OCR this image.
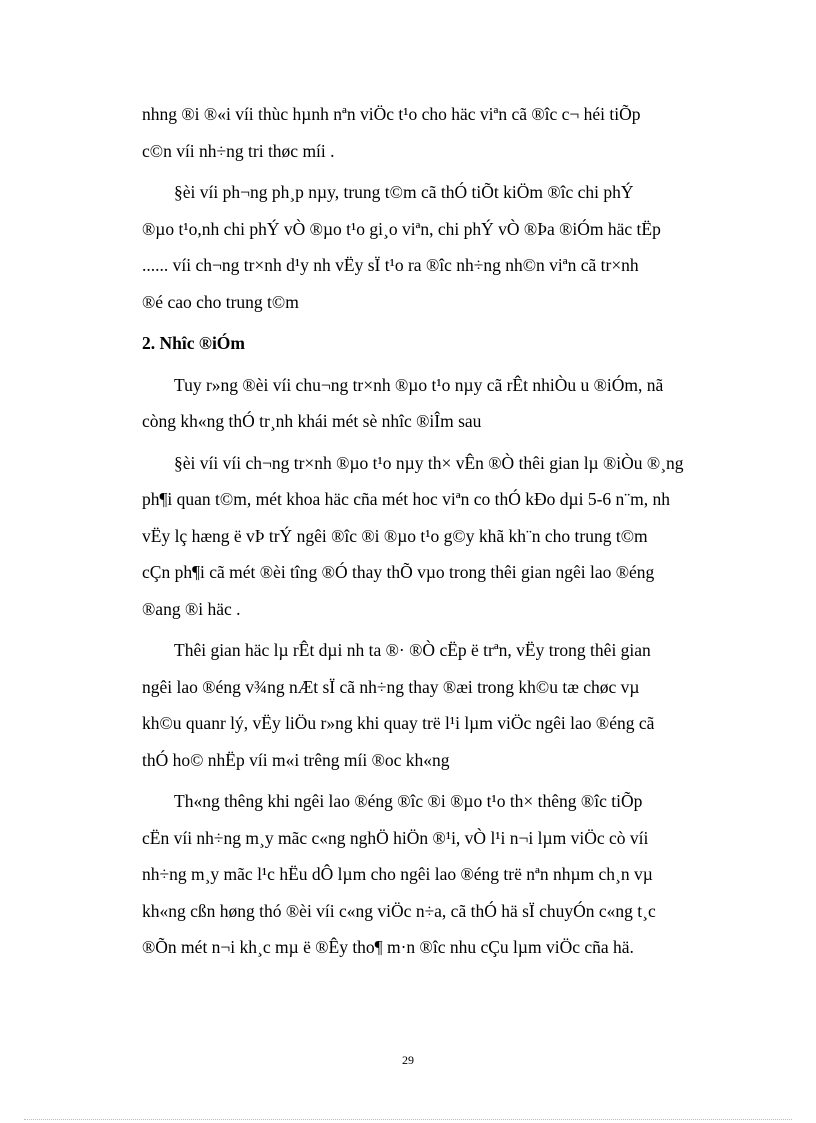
nhng ®i ®«i víi thùc hµnh nªn viÖc t¹o cho häc viªn cã ®îc c¬ héi tiÕp
c©n víi nh÷ng tri thøc míi .

§èi víi ph¬ng ph¸p nµy, trung t©m cã thÓ tiÕt kiÖm ®îc chi phÝ
®µo t¹o,nh chi phÝ vÒ ®µo t¹o gi¸o viªn, chi phÝ vÒ ®Þa ®iÓm häc tËp
...... víi ch¬ng tr×nh d¹y nh vËy sÏ t¹o ra ®îc nh÷ng nh©n viªn cã tr×nh
®é cao cho trung t©m

2. Nhîc ®iÓm

Tuy r»ng ®èi víi chu¬ng tr×nh ®µo t¹o nµy cã rÊt nhiÒu u ®iÓm, nã
còng kh«ng thÓ tr¸nh khái mét sè nhîc ®iÎm sau

§èi víi víi ch¬ng tr×nh ®µo t¹o nµy th× vÊn ®Ò thêi gian lµ ®iÒu ®¸ng
ph¶i quan t©m, mét khoa häc cña mét hoc viªn co thÓ kÐo dµi 5-6 n¨m, nh
vËy lç hæng ë vÞ trÝ ngêi ®îc ®i ®µo t¹o g©y khã kh¨n cho trung t©m
cÇn ph¶i cã mét ®èi tîng ®Ó thay thÕ vµo trong thêi gian ngêi lao ®éng
®ang ®i häc .

Thêi gian häc lµ rÊt dµi nh ta ®· ®Ò cËp ë trªn, vËy trong thêi gian
ngêi lao ®éng v¾ng nÆt sÏ cã nh÷ng thay ®æi trong kh©u tæ chøc vµ
kh©u quanr lý, vËy liÖu r»ng khi quay trë l¹i lµm viÖc ngêi lao ®éng cã
thÓ ho© nhËp víi m«i trêng míi ®oc kh«ng

Th«ng thêng khi ngêi lao ®éng ®îc ®i ®µo t¹o th× thêng ®îc tiÕp
cËn víi nh÷ng m¸y mãc c«ng nghÖ hiÖn ®¹i, vÒ l¹i n¬i lµm viÖc cò víi
nh÷ng m¸y mãc l¹c hËu dÔ lµm cho ngêi lao ®éng trë nªn nhµm ch¸n vµ
kh«ng cßn høng thó ®èi víi c«ng viÖc n÷a, cã thÓ hä sÏ chuyÓn c«ng t¸c
®Õn mét n¬i kh¸c mµ ë ®Êy tho¶ m·n ®îc nhu cÇu lµm viÖc cña hä.

29
